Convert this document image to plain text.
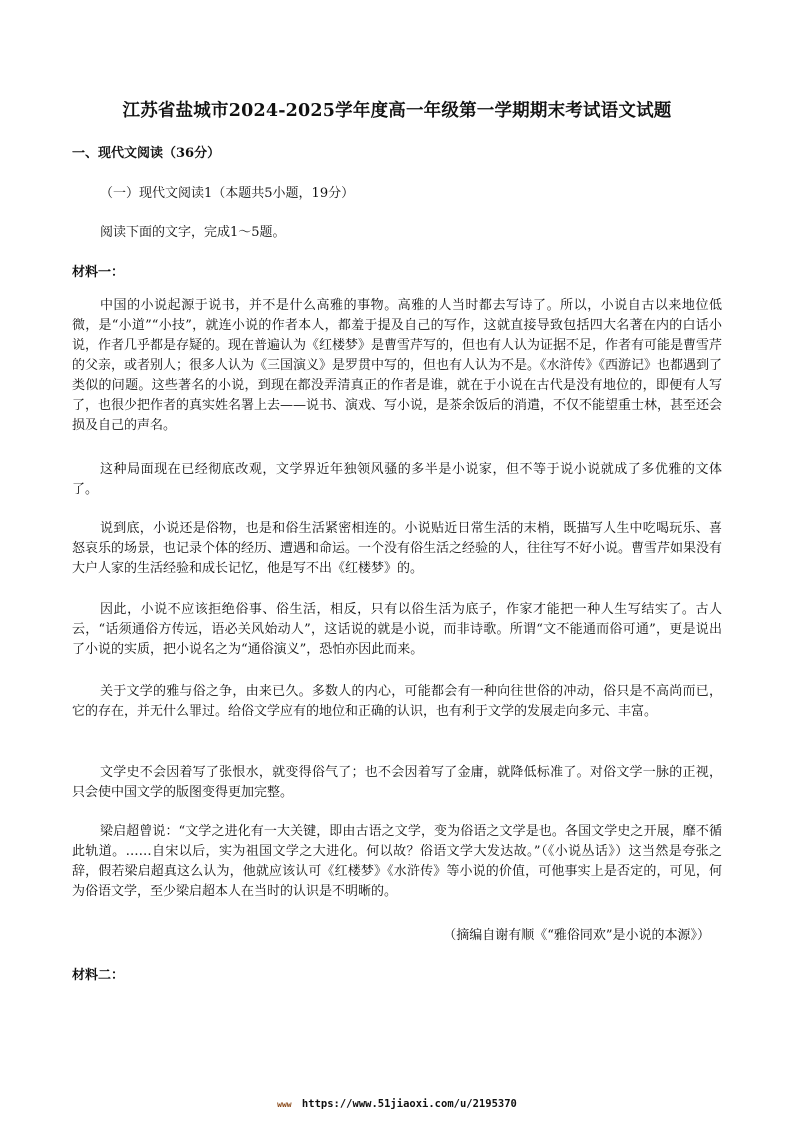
江苏省盐城市2024-2025学年度高一年级第一学期期末考试语文试题
一、现代文阅读（36分）
（一）现代文阅读1（本题共5小题，19分）
阅读下面的文字，完成1～5题。
材料一：

中国的小说起源于说书，并不是什么高雅的事物。高雅的人当时都去写诗了。所以，小说自古以来地位低微，是“小道”“小技”，就连小说的作者本人，都羞于提及自己的写作，这就直接导致包括四大名著在内的白话小说，作者几乎都是存疑的。现在普遍认为《红楼梦》是曹雪芹写的，但也有人认为证据不足，作者有可能是曹雪芹的父亲，或者别人；很多人认为《三国演义》是罗贯中写的，但也有人认为不是。《水浒传》《西游记》也都遇到了类似的问题。这些著名的小说，到现在都没弄清真正的作者是谁，就在于小说在古代是没有地位的，即便有人写了，也很少把作者的真实姓名署上去——说书、演戏、写小说，是茶余饭后的消遣，不仅不能望重士林，甚至还会损及自己的声名。

这种局面现在已经彻底改观，文学界近年独领风骚的多半是小说家，但不等于说小说就成了多优雅的文体了。

说到底，小说还是俗物，也是和俗生活紧密相连的。小说贴近日常生活的末梢，既描写人生中吃喝玩乐、喜怒哀乐的场景，也记录个体的经历、遭遇和命运。一个没有俗生活之经验的人，往往写不好小说。曹雪芹如果没有大户人家的生活经验和成长记忆，他是写不出《红楼梦》的。

因此，小说不应该拒绝俗事、俗生活，相反，只有以俗生活为底子，作家才能把一种人生写结实了。古人云，“话须通俗方传远，语必关风始动人”，这话说的就是小说，而非诗歌。所谓“文不能通而俗可通”，更是说出了小说的实质，把小说名之为“通俗演义”，恐怕亦因此而来。

关于文学的雅与俗之争，由来已久。多数人的内心，可能都会有一种向往世俗的冲动，俗只是不高尚而已，它的存在，并无什么罪过。给俗文学应有的地位和正确的认识，也有利于文学的发展走向多元、丰富。

文学史不会因着写了张恨水，就变得俗气了；也不会因着写了金庸，就降低标准了。对俗文学一脉的正视，只会使中国文学的版图变得更加完整。

梁启超曾说：“文学之进化有一大关键，即由古语之文学，变为俗语之文学是也。各国文学史之开展，靡不循此轨道。……自宋以后，实为祖国文学之大进化。何以故？俗语文学大发达故。”（《小说丛话》）这当然是夸张之辞，假若梁启超真这么认为，他就应该认可《红楼梦》《水浒传》等小说的价值，可他事实上是否定的，可见，何为俗语文学，至少梁启超本人在当时的认识是不明晰的。

（摘编自谢有顺《“雅俗同欢”是小说的本源》）
材料二：
www https://www.51jiaoxi.com/u/2195370
